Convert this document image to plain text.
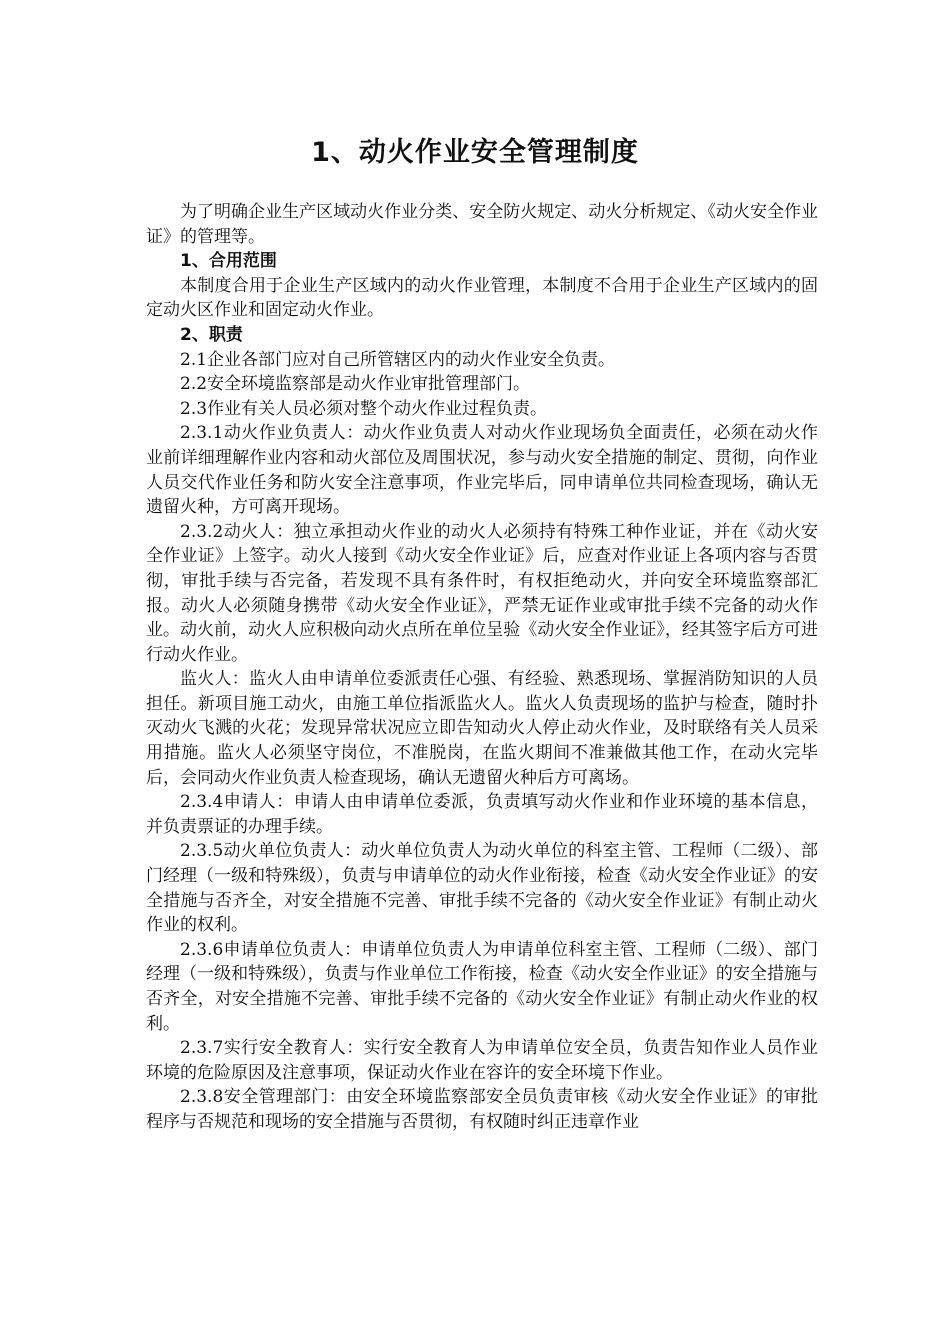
1、动火作业安全管理制度

为了明确企业生产区域动火作业分类、安全防火规定、动火分析规定、《动火安全作业证》的管理等。

1、合用范围

本制度合用于企业生产区域内的动火作业管理，本制度不合用于企业生产区域内的固定动火区作业和固定动火作业。

2、职责

2.1企业各部门应对自己所管辖区内的动火作业安全负责。

2.2安全环境监察部是动火作业审批管理部门。

2.3作业有关人员必须对整个动火作业过程负责。

2.3.1动火作业负责人：动火作业负责人对动火作业现场负全面责任，必须在动火作业前详细理解作业内容和动火部位及周围状况，参与动火安全措施的制定、贯彻，向作业人员交代作业任务和防火安全注意事项，作业完毕后，同申请单位共同检查现场，确认无遗留火种，方可离开现场。

2.3.2动火人：独立承担动火作业的动火人必须持有特殊工种作业证，并在《动火安全作业证》上签字。动火人接到《动火安全作业证》后，应查对作业证上各项内容与否贯彻，审批手续与否完备，若发现不具有条件时，有权拒绝动火，并向安全环境监察部汇报。动火人必须随身携带《动火安全作业证》，严禁无证作业或审批手续不完备的动火作业。动火前，动火人应积极向动火点所在单位呈验《动火安全作业证》，经其签字后方可进行动火作业。

监火人：监火人由申请单位委派责任心强、有经验、熟悉现场、掌握消防知识的人员担任。新项目施工动火，由施工单位指派监火人。监火人负责现场的监护与检查，随时扑灭动火飞溅的火花；发现异常状况应立即告知动火人停止动火作业，及时联络有关人员采用措施。监火人必须坚守岗位，不准脱岗，在监火期间不准兼做其他工作，在动火完毕后，会同动火作业负责人检查现场，确认无遗留火种后方可离场。

2.3.4申请人：申请人由申请单位委派，负责填写动火作业和作业环境的基本信息，并负责票证的办理手续。

2.3.5动火单位负责人：动火单位负责人为动火单位的科室主管、工程师（二级）、部门经理（一级和特殊级），负责与申请单位的动火作业衔接，检查《动火安全作业证》的安全措施与否齐全，对安全措施不完善、审批手续不完备的《动火安全作业证》有制止动火作业的权利。

2.3.6申请单位负责人：申请单位负责人为申请单位科室主管、工程师（二级）、部门经理（一级和特殊级），负责与作业单位工作衔接，检查《动火安全作业证》的安全措施与否齐全，对安全措施不完善、审批手续不完备的《动火安全作业证》有制止动火作业的权利。

2.3.7实行安全教育人：实行安全教育人为申请单位安全员，负责告知作业人员作业环境的危险原因及注意事项，保证动火作业在容许的安全环境下作业。

2.3.8安全管理部门：由安全环境监察部安全员负责审核《动火安全作业证》的审批程序与否规范和现场的安全措施与否贯彻，有权随时纠正违章作业
